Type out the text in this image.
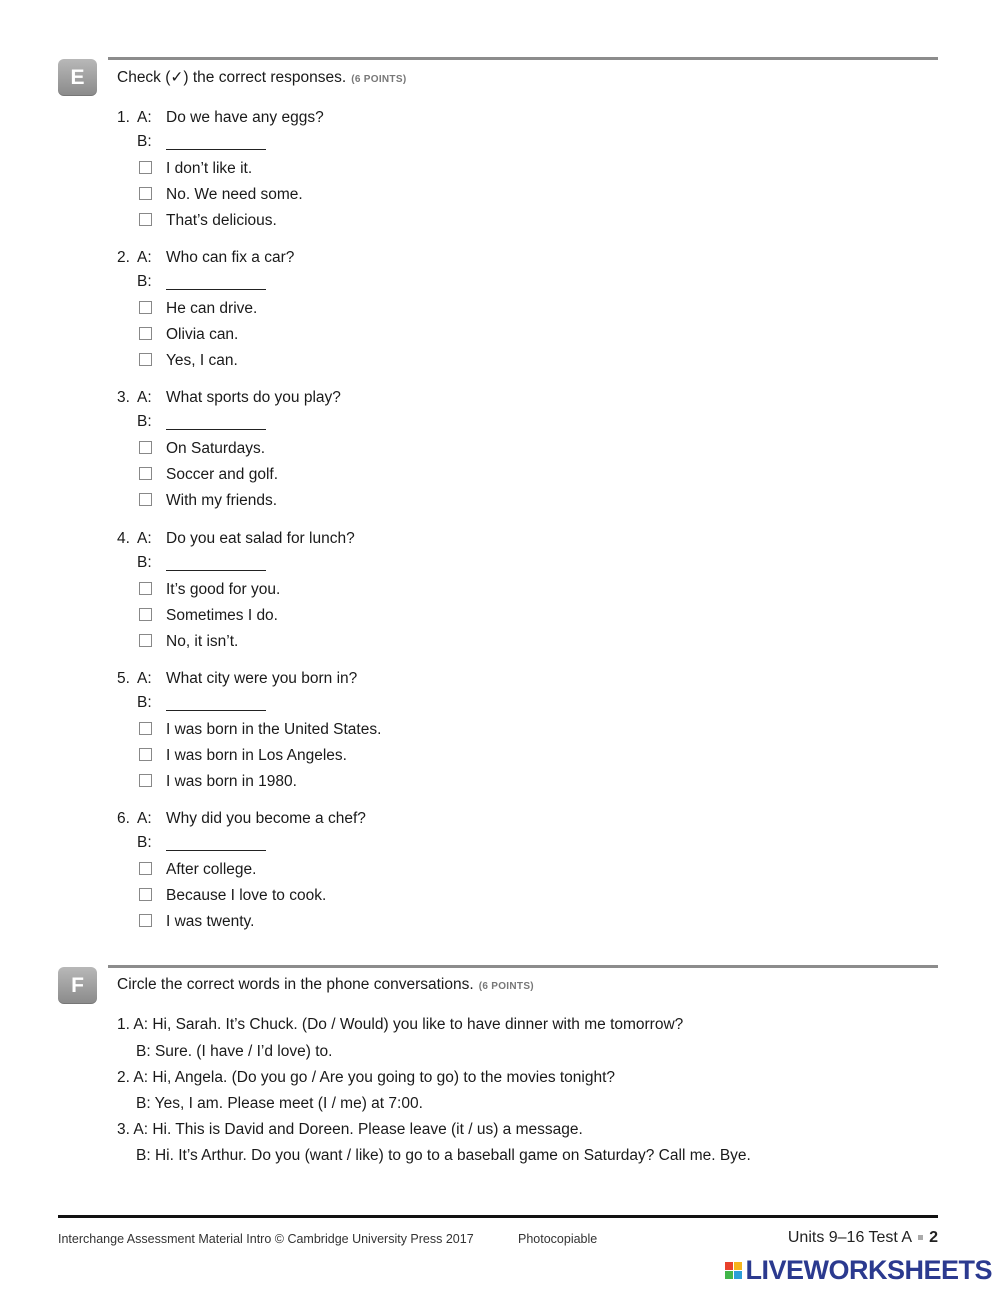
E	Check (✓) the correct responses. (6 POINTS)
1. A: Do we have any eggs?
B:
I don’t like it.
No. We need some.
That’s delicious.
2. A: Who can fix a car?
B:
He can drive.
Olivia can.
Yes, I can.
3. A: What sports do you play?
B:
On Saturdays.
Soccer and golf.
With my friends.
4. A: Do you eat salad for lunch?
B:
It’s good for you.
Sometimes I do.
No, it isn’t.
5. A: What city were you born in?
B:
I was born in the United States.
I was born in Los Angeles.
I was born in 1980.
6. A: Why did you become a chef?
B:
After college.
Because I love to cook.
I was twenty.
F	Circle the correct words in the phone conversations. (6 POINTS)
1. A: Hi, Sarah. It’s Chuck. (Do / Would) you like to have dinner with me tomorrow?
B: Sure. (I have / I’d love) to.
2. A: Hi, Angela. (Do you go / Are you going to go) to the movies tonight?
B: Yes, I am. Please meet (I / me) at 7:00.
3. A: Hi. This is David and Doreen. Please leave (it / us) a message.
B: Hi. It’s Arthur. Do you (want / like) to go to a baseball game on Saturday? Call me. Bye.
Interchange Assessment Material Intro © Cambridge University Press 2017	Photocopiable	Units 9–16 Test A 2
LIVEWORKSHEETS
